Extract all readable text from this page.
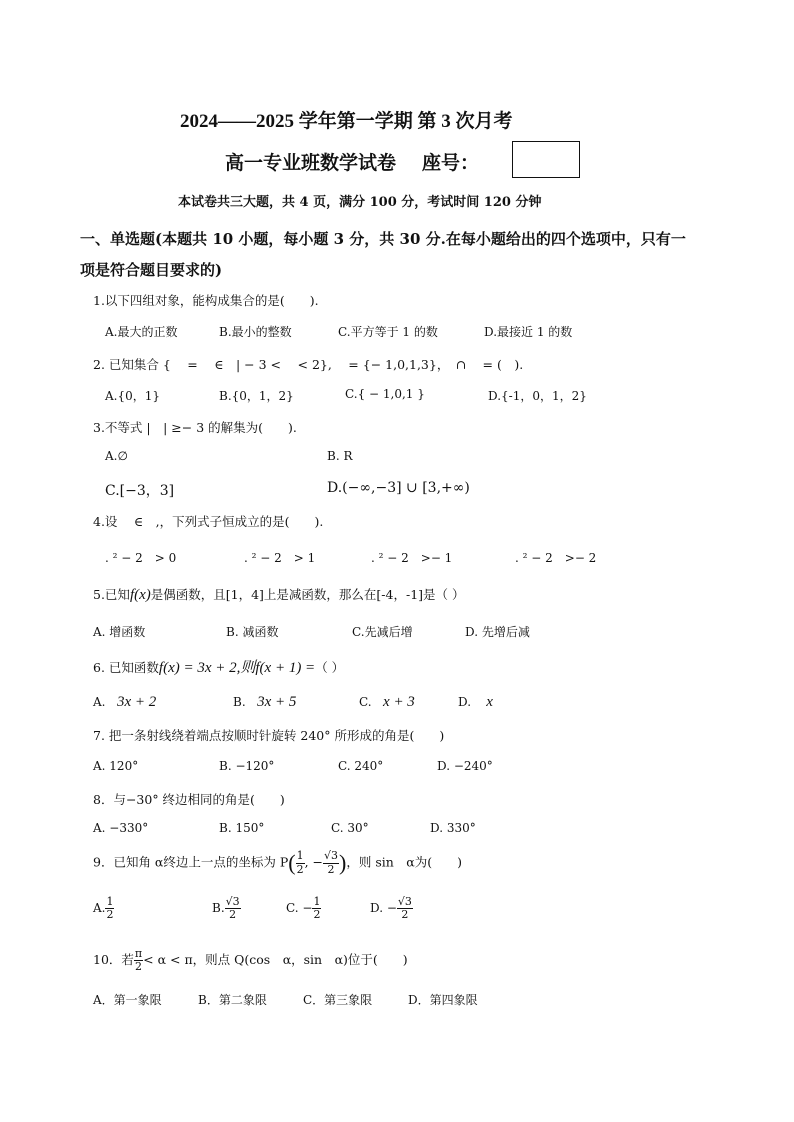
2024——2025 学年第一学期 第 3 次月考
高一专业班数学试卷 座号：
本试卷共三大题，共 4 页，满分 100 分，考试时间 120 分钟
一、单选题(本题共 10 小题，每小题 3 分，共 30 分.在每小题给出的四个选项中，只有一
项是符合题目要求的)
1.以下四组对象，能构成集合的是(　　).
A.最大的正数	B.最小的整数	C.平方等于 1 的数	D.最接近 1 的数
2. 已知集合 {　 =　 ∈　| − 3 <　 < 2},　 = {− 1,0,1,3}，　∩　 = (　).
A.{0，1}	B.{0，1，2}	C.{ − 1,0,1 }	D.{-1，0，1，2}
3.不等式 |　| ≥− 3 的解集为(　　).
A.∅	B. R
C.[−3，3]	D.(−∞,−3] ∪ [3,+∞)
4.设　 ∈　,，下列式子恒成立的是(　　).
. ² − 2　> 0	. ² − 2　> 1	. ² − 2　>− 1	. ² − 2　>− 2
5.已知f(x)是偶函数，且[1，4]上是减函数，那么在[-4，-1]是（ ）
A. 增函数	B. 减函数	C.先减后增	D. 先增后减
6. 已知函数f(x) = 3x + 2,则f(x + 1) =（ ）
A. 3x + 2	B. 3x + 5	C. x + 3	D. x
7. 把一条射线绕着端点按顺时针旋转 240° 所形成的角是(　　)
A. 120°	B. −120°	C. 240°	D. −240°
8．与−30° 终边相同的角是(　　)
A. −330°	B. 150°	C. 30°	D. 330°
9．已知角 α终边上一点的坐标为 $P( \frac{1}{2}$ , − $\frac{√3}{2}$ )，则 sin　α为(　　)
A. $\frac{1}{2}$	B. $\frac{√3}{2}$	C. − $\frac{1}{2}$	D. − $\frac{√3}{2}$
10．若 $\frac{\pi}{2} < \alpha < \pi$，则点 Q(cos　α，sin　α)位于(　　)
A．第一象限	B．第二象限	C．第三象限	D．第四象限
